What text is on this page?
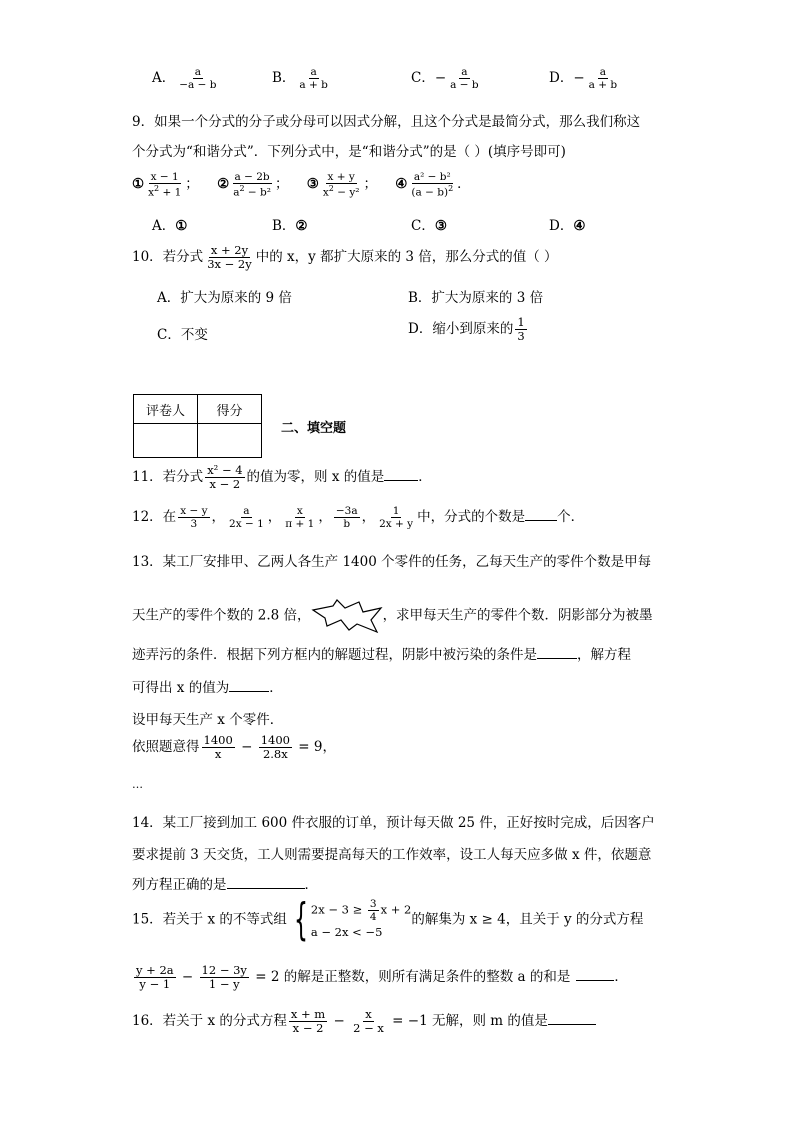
A． $\frac{a}{-a - b}$	B． $\frac{a}{a + b}$	C．− $\frac{a}{a - b}$	D．− $\frac{a}{a + b}$
9．如果一个分式的分子或分母可以因式分解，且这个分式是最简分式，那么我们称这
个分式为“和谐分式”．下列分式中，是“和谐分式”的是（ ）(填序号即可)
① $\frac{x - 1}{x^2 + 1}$ ； ② $\frac{a - 2b}{a^2 - b^2}$ ； ③ $\frac{x + y}{x^2 - y^2}$ ； ④ $\frac{\text{a² − b²}}{(a - b)^2}$ ．
A．①	B．②	C．③	D．④
10．若分式 $\frac{x + 2y}{3x - 2y}$ 中的 x，y 都扩大原来的 3 倍，那么分式的值（ ）
A．扩大为原来的 9 倍	B．扩大为原来的 3 倍
C．不变	D．缩小到原来的 $\frac{1}{3}$
评卷人	得分

二、填空题
11．若分式 $\frac{\text{x² − 4}}{x - 2}$ 的值为零，则 x 的值是	．
12．在 $\frac{x - y}{3}$ ， $\frac{a}{2x - 1}$ ， $\frac{x}{\pi + 1}$ ， $\frac{-3a}{b}$ ， $\frac{1}{2x + y}$ 中，分式的个数是 个．
13．某工厂安排甲、乙两人各生产 1400 个零件的任务，乙每天生产的零件个数是甲每
天生产的零件个数的 2.8 倍，	，求甲每天生产的零件个数．阴影部分为被墨
迹弄污的条件．根据下列方框内的解题过程，阴影中被污染的条件是	，解方程
可得出 x 的值为	．
设甲每天生产 x 个零件．
依照题意得 $\frac{1400}{x} - \frac{1400}{2.8x} = 9$，
…
14．某工厂接到加工 600 件衣服的订单，预计每天做 25 件，正好按时完成，后因客户
要求提前 3 天交货，工人则需要提高每天的工作效率，设工人每天应多做 x 件，依题意
列方程正确的是	．
15．若关于 x 的不等式组 { $2x - 3 \ge \frac{3}{4}$ x + 2
a − 2x < −5
的解集为 x ≥ 4，且关于 y 的分式方程
$\frac{y + 2a}{y - 1} - \frac{12 - 3y}{1 - y} = 2$ 的解是正整数，则所有满足条件的整数 a 的和是	．
16．若关于 x 的分式方程 $\frac{x + m}{x - 2} - \frac{x}{2 - x} = -1$ 无解，则 m 的值是
